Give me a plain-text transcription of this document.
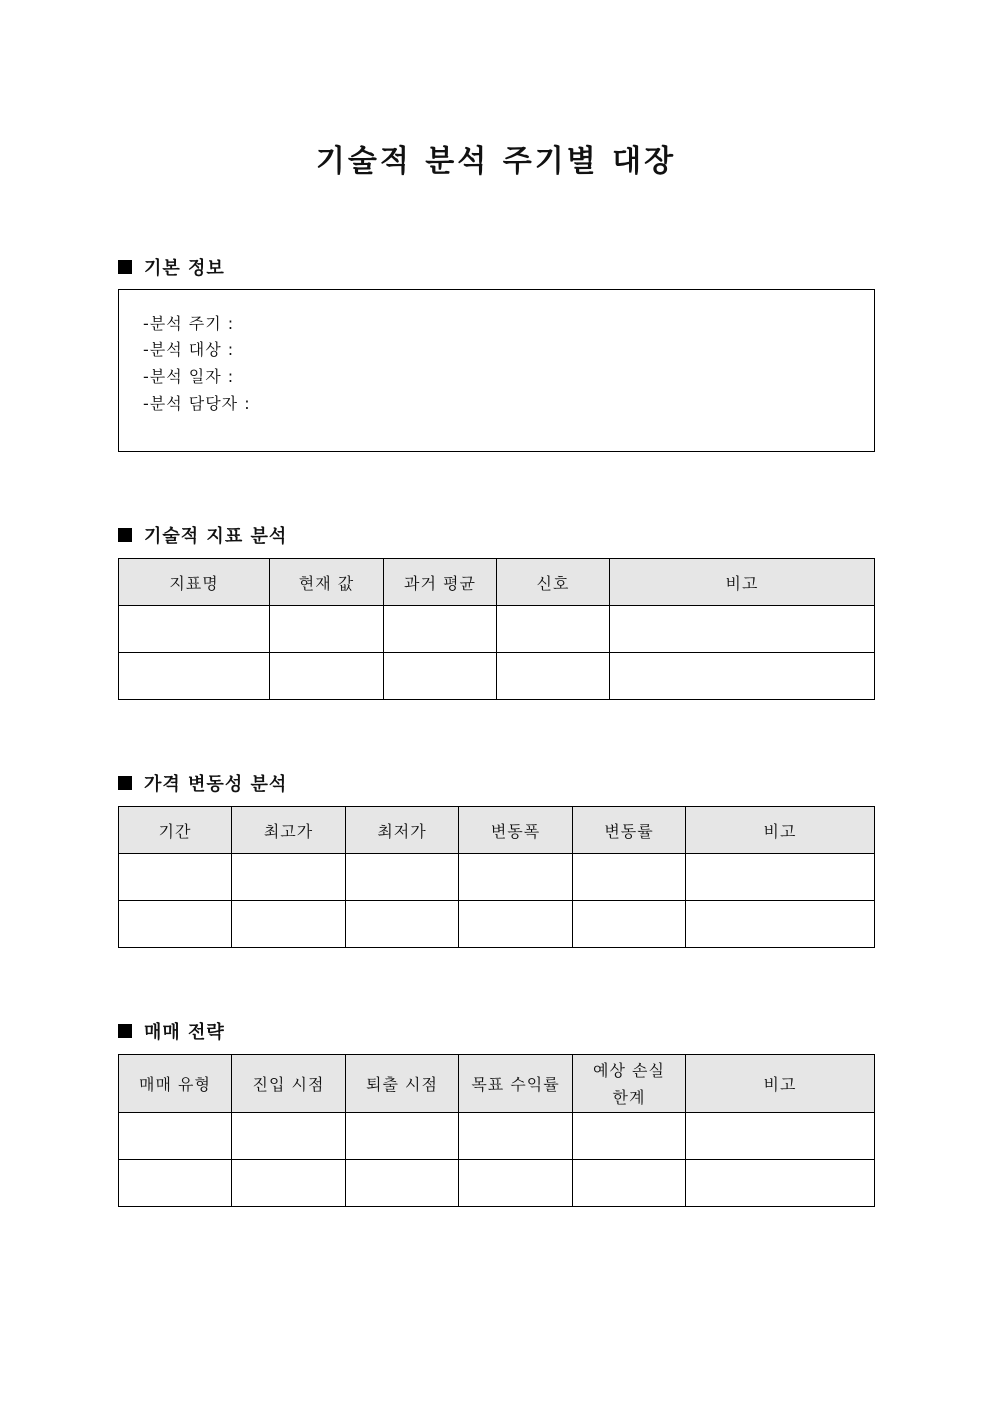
기술적 분석 주기별 대장
기본 정보
-분석 주기 :
-분석 대상 :
-분석 일자 :
-분석 담당자 :
기술적 지표 분석
지표명	현재 값	과거 평균	신호	비고

가격 변동성 분석
기간	최고가	최저가	변동폭	변동률	비고

매매 전략
매매 유형	진입 시점	퇴출 시점	목표 수익률	예상 손실 한계	비고
